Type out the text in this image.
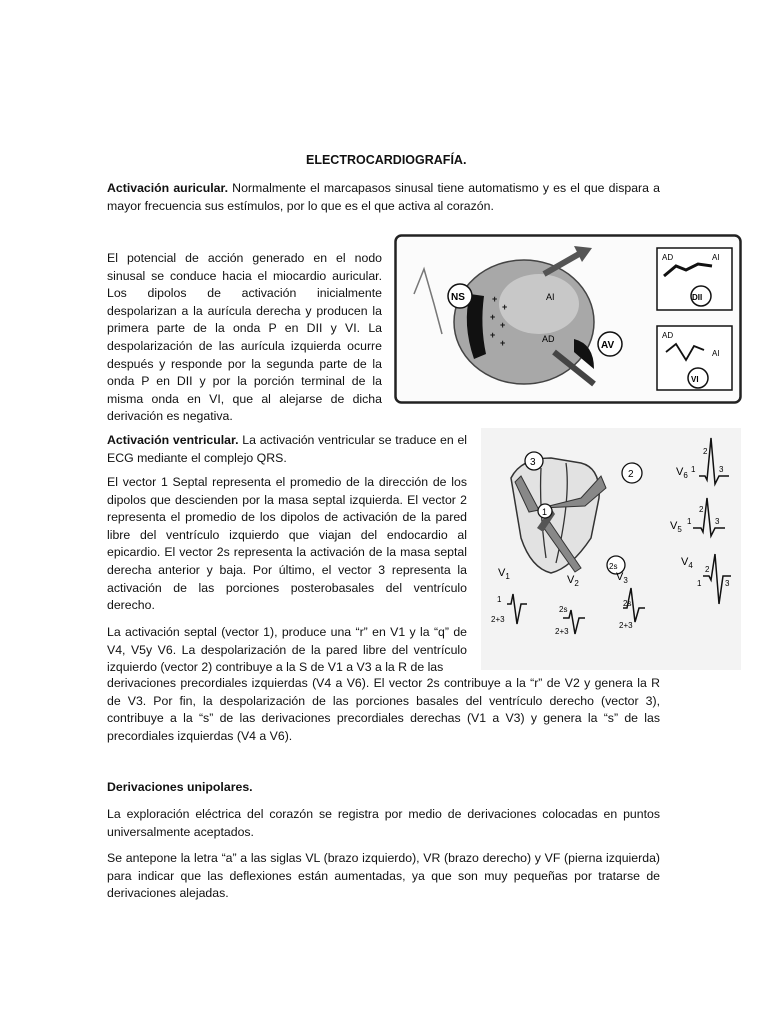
ELECTROCARDIOGRAFÍA.
Activación auricular. Normalmente el marcapasos sinusal tiene automatismo y es el que dispara a mayor frecuencia sus estímulos, por lo que es el que activa al corazón.
El potencial de acción generado en el nodo sinusal se conduce hacia el miocardio auricular. Los dipolos de activación inicialmente despolarizan a la aurícula derecha y producen la primera parte de la onda P en DII y VI. La despolarización de las aurícula izquierda ocurre después y responde por la segunda parte de la onda P en DII y por la porción terminal de la misma onda en VI, que al alejarse de dicha derivación es negativa.
+
+
+
+
+
+
NS	AI
AD
AV
AD	AI
DII
AD
AI
VI
Activación ventricular. La activación ventricular se traduce en el ECG mediante el complejo QRS.
El vector 1 Septal representa el promedio de la dirección de los dipolos que descienden por la masa septal izquierda. El vector 2 representa el promedio de los dipolos de activación de la pared libre del ventrículo izquierdo que viajan del endocardio al epicardio. El vector 2s representa la activación de la masa septal derecha anterior y baja. Por último, el vector 3 representa la activación de las porciones posterobasales del ventrículo derecho.
La activación septal (vector 1), produce una “r” en V1 y la “q” de V4, V5y V6. La despolarización de la pared libre del ventrículo izquierdo (vector 2) contribuye a la S de V1 a V3 a la R de las
derivaciones precordiales izquierdas (V4 a V6). El vector 2s contribuye a la “r” de V2 y genera la R de V3. Por fin, la despolarización de las porciones basales del ventrículo derecho (vector 3), contribuye a la “s” de las derivaciones precordiales derechas (V1 a V3) y genera la “s” de las precordiales izquierdas (V4 a V6).
3
2
1
2s
$V_6$
$V_5$
$V_4$
$V_3$
$V_2$
$V_1$
2
1	3
2
1	3
2
1	3
1
2+3
2s
2+3
2s
2+3
Derivaciones unipolares.
La exploración eléctrica del corazón se registra por medio de derivaciones colocadas en puntos universalmente aceptados.
Se antepone la letra “a” a las siglas VL (brazo izquierdo), VR (brazo derecho) y VF (pierna izquierda) para indicar que las deflexiones están aumentadas, ya que son muy pequeñas por tratarse de derivaciones alejadas.
